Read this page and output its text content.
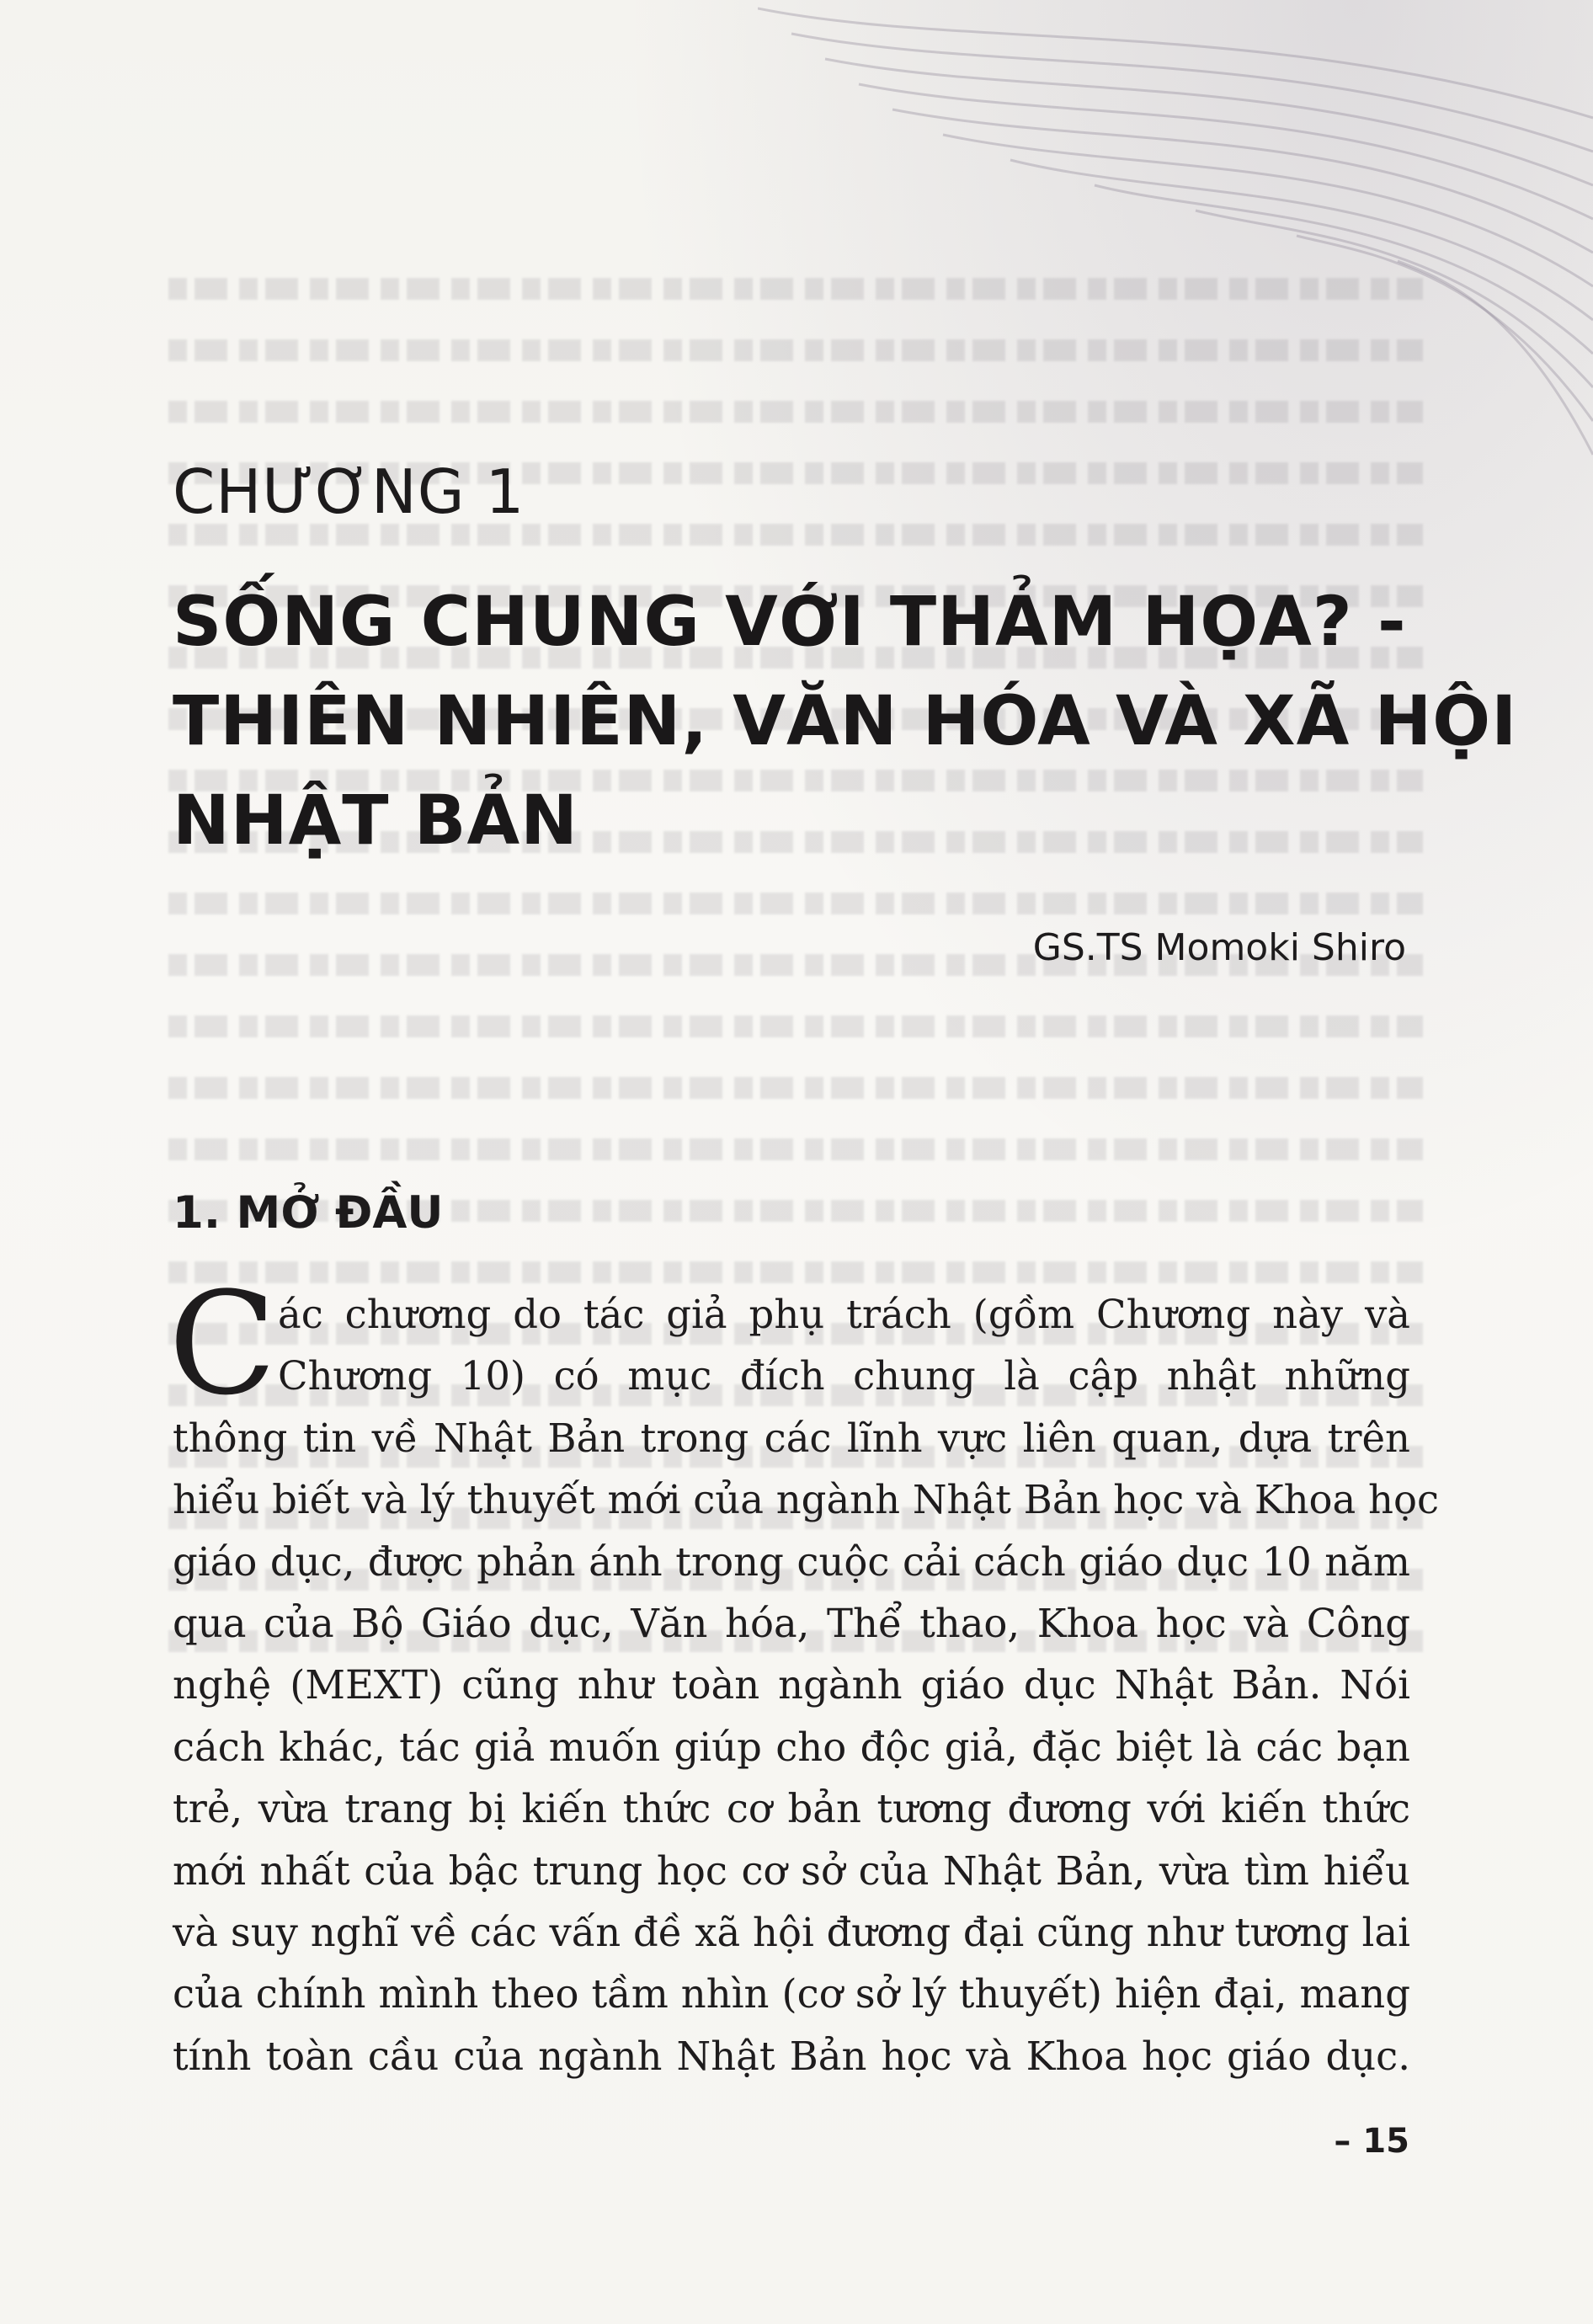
CHƯƠNG 1
SỐNG CHUNG VỚI THẢM HỌA? -
THIÊN NHIÊN, VĂN HÓA VÀ XÃ HỘI
NHẬT BẢN
GS.TS Momoki Shiro
1. MỞ ĐẦU
C ác chương do tác giả phụ trách (gồm Chương này và
Chương 10) có mục đích chung là cập nhật những
thông tin về Nhật Bản trong các lĩnh vực liên quan, dựa trên
hiểu biết và lý thuyết mới của ngành Nhật Bản học và Khoa học
giáo dục, được phản ánh trong cuộc cải cách giáo dục 10 năm
qua của Bộ Giáo dục, Văn hóa, Thể thao, Khoa học và Công
nghệ (MEXT) cũng như toàn ngành giáo dục Nhật Bản. Nói
cách khác, tác giả muốn giúp cho độc giả, đặc biệt là các bạn
trẻ, vừa trang bị kiến thức cơ bản tương đương với kiến thức
mới nhất của bậc trung học cơ sở của Nhật Bản, vừa tìm hiểu
và suy nghĩ về các vấn đề xã hội đương đại cũng như tương lai
của chính mình theo tầm nhìn (cơ sở lý thuyết) hiện đại, mang
tính toàn cầu của ngành Nhật Bản học và Khoa học giáo dục.
– 15
